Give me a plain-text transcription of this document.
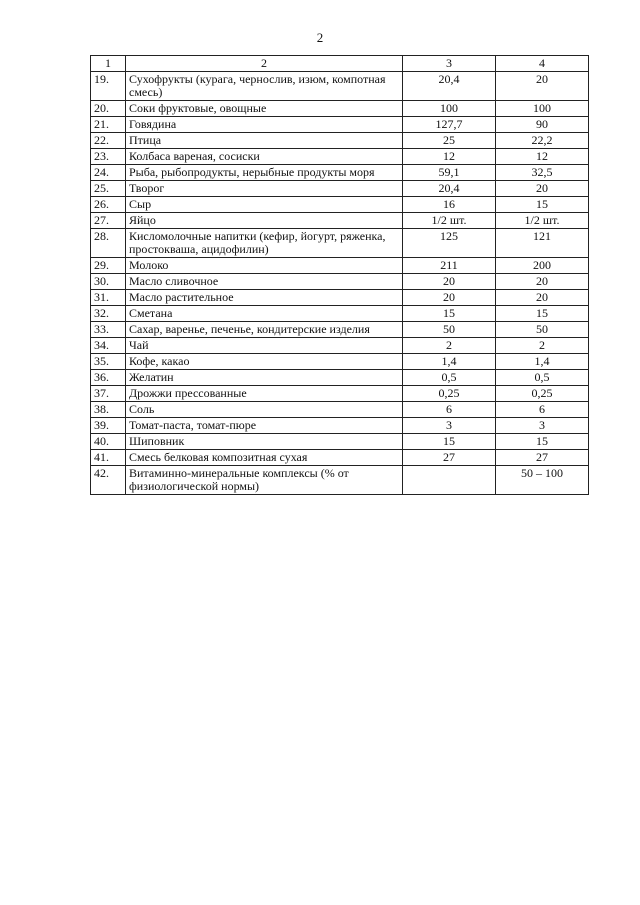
2
1	2	3	4
19.	Сухофрукты (курага, чернослив, изюм, компотная смесь)	20,4	20
20.	Соки фруктовые, овощные	100	100
21.	Говядина	127,7	90
22.	Птица	25	22,2
23.	Колбаса вареная, сосиски	12	12
24.	Рыба, рыбопродукты, нерыбные продукты моря	59,1	32,5
25.	Творог	20,4	20
26.	Сыр	16	15
27.	Яйцо	1/2 шт.	1/2 шт.
28.	Кисломолочные напитки (кефир, йогурт, ряженка, простокваша, ацидофилин)	125	121
29.	Молоко	211	200
30.	Масло сливочное	20	20
31.	Масло растительное	20	20
32.	Сметана	15	15
33.	Сахар, варенье, печенье, кондитерские изделия	50	50
34.	Чай	2	2
35.	Кофе, какао	1,4	1,4
36.	Желатин	0,5	0,5
37.	Дрожжи прессованные	0,25	0,25
38.	Соль	6	6
39.	Томат-паста, томат-пюре	3	3
40.	Шиповник	15	15
41.	Смесь белковая композитная сухая	27	27
42.	Витаминно-минеральные комплексы (% от физиологической нормы)		50 – 100
